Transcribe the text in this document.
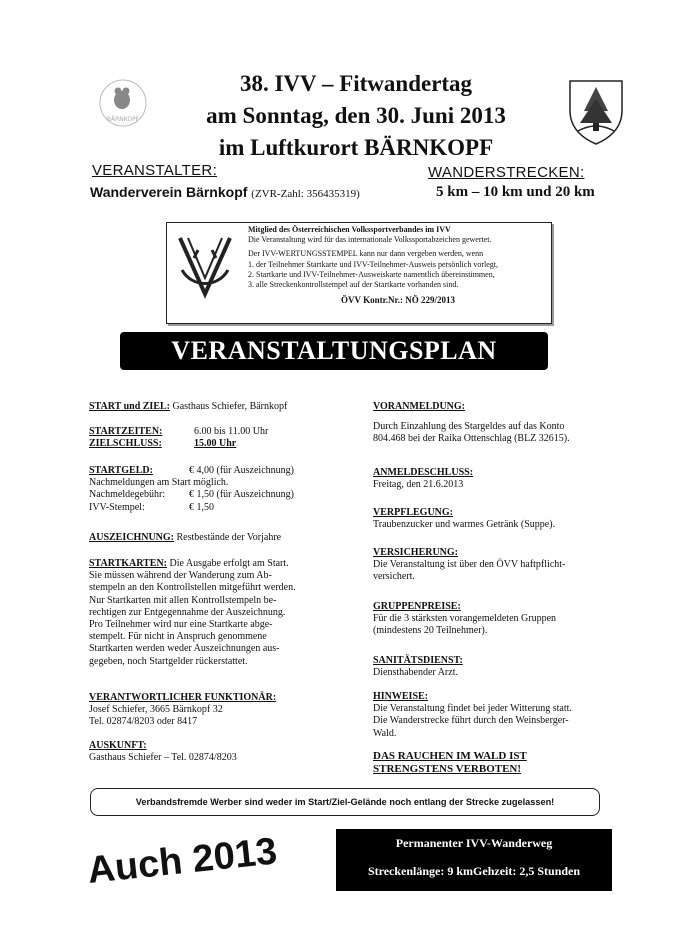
BÄRNKOPF
38. IVV – Fitwandertag
am Sonntag, den 30. Juni 2013
im Luftkurort BÄRNKOPF
VERANSTALTER:
Wanderverein Bärnkopf (ZVR-Zahl: 356435319)
WANDERSTRECKEN:
5 km – 10 km und 20 km
Mitglied des Österreichischen Volkssportverbandes im IVV
Die Veranstaltung wird für das internationale Volkssportabzeichen gewertet.
Der IVV-WERTUNGSSTEMPEL kann nur dann vergeben werden, wenn
1. der Teilnehmer Startkarte und IVV-Teilnehmer-Ausweis persönlich vorlegt,
2. Startkarte und IVV-Teilnehmer-Ausweiskarte namentlich übereinstimmen,
3. alle Streckenkontrollstempel auf der Startkarte vorhanden sind.
ÖVV Kontr.Nr.: NÖ 229/2013
VERANSTALTUNGSPLAN
START und ZIEL: Gasthaus Schiefer, Bärnkopf
STARTZEITEN:	6.00 bis 11.00 Uhr
ZIELSCHLUSS:	15.00 Uhr
STARTGELD:	€ 4,00 (für Auszeichnung)
Nachmeldungen am Start möglich.
Nachmeldegebühr: € 1,50 (für Auszeichnung)
IVV-Stempel:	€ 1,50
AUSZEICHNUNG: Restbestände der Vorjahre
STARTKARTEN: Die Ausgabe erfolgt am Start.
Sie müssen während der Wanderung zum Ab-
stempeln an den Kontrollstellen mitgeführt werden.
Nur Startkarten mit allen Kontrollstempeln be-
rechtigen zur Entgegennahme der Auszeichnung.
Pro Teilnehmer wird nur eine Startkarte abge-
stempelt. Für nicht in Anspruch genommene
Startkarten werden weder Auszeichnungen aus-
gegeben, noch Startgelder rückerstattet.
VERANTWORTLICHER FUNKTIONÄR:
Josef Schiefer, 3665 Bärnkopf 32
Tel. 02874/8203 oder 8417
AUSKUNFT:
Gasthaus Schiefer – Tel. 02874/8203
VORANMELDUNG:
Durch Einzahlung des Stargeldes auf das Konto
804.468 bei der Raika Ottenschlag (BLZ 32615).
ANMELDESCHLUSS:
Freitag, den 21.6.2013
VERPFLEGUNG:
Traubenzucker und warmes Getränk (Suppe).
VERSICHERUNG:
Die Veranstaltung ist über den ÖVV haftpflicht-
versichert.
GRUPPENPREISE:
Für die 3 stärksten vorangemeldeten Gruppen
(mindestens 20 Teilnehmer).
SANITÄTSDIENST:
Diensthabender Arzt.
HINWEISE:
Die Veranstaltung findet bei jeder Witterung statt.
Die Wanderstrecke führt durch den Weinsberger-
Wald.
DAS RAUCHEN IM WALD IST
STRENGSTENS VERBOTEN!
Verbandsfremde Werber sind weder im Start/Ziel-Gelände noch entlang der Strecke zugelassen!
Auch 2013	Permanenter IVV-Wanderweg
Streckenlänge: 9 kmGehzeit: 2,5 Stunden
